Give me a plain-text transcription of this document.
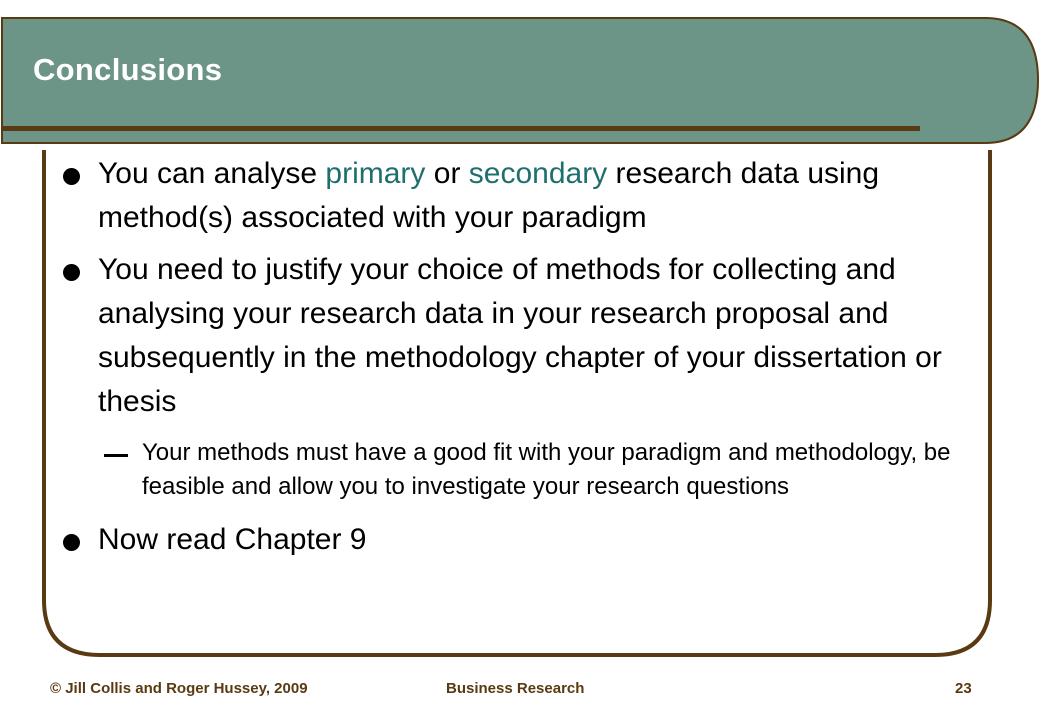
Conclusions
You can analyse primary or secondary research data using method(s) associated with your paradigm
You need to justify your choice of methods for collecting and analysing your research data in your research proposal and subsequently in the methodology chapter of your dissertation or thesis
Your methods must have a good fit with your paradigm and methodology, be feasible and allow you to investigate your research questions
Now read Chapter 9
© Jill Collis and Roger Hussey, 2009	Business Research	23
